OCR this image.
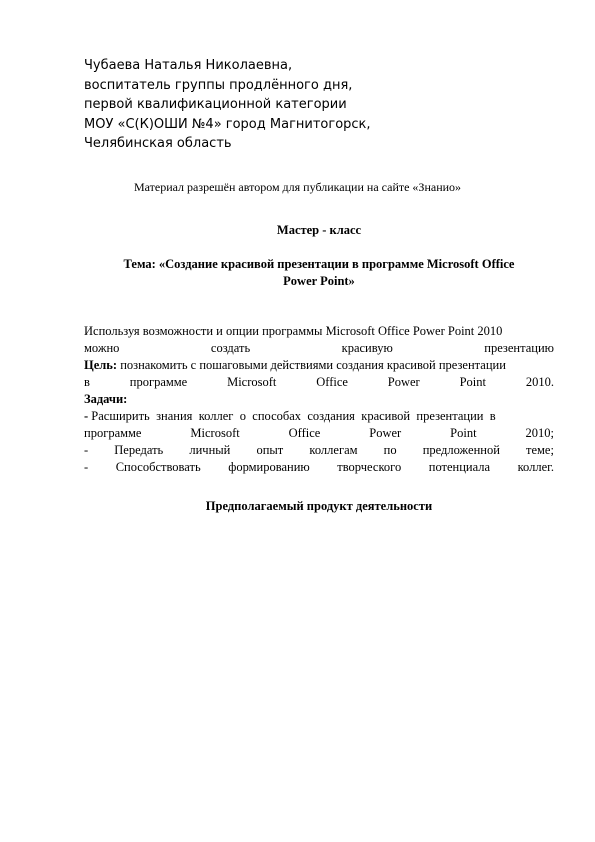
Чубаева Наталья Николаевна,
воспитатель группы продлённого дня,
первой квалификационной категории
МОУ «С(К)ОШИ №4» город Магнитогорск,
Челябинская область
Материал разрешён автором для публикации на сайте «Знанио»
Мастер - класс
Тема: «Создание красивой презентации в программе Microsoft Office
Power Point»
Используя возможности и опции программы Microsoft Office Power Point 2010
можно	создать	красивую	презентацию
Цель: познакомить с пошаговыми действиями создания красивой презентации
в	программе	Microsoft	Office	Power	Point	2010.
Задачи:
- Расширить знания коллег о способах создания красивой презентации в
программе	Microsoft	Office	Power	Point	2010;
- Передать личный опыт коллегам по предложенной теме;
- Способствовать формированию творческого потенциала коллег.
Предполагаемый продукт деятельности
